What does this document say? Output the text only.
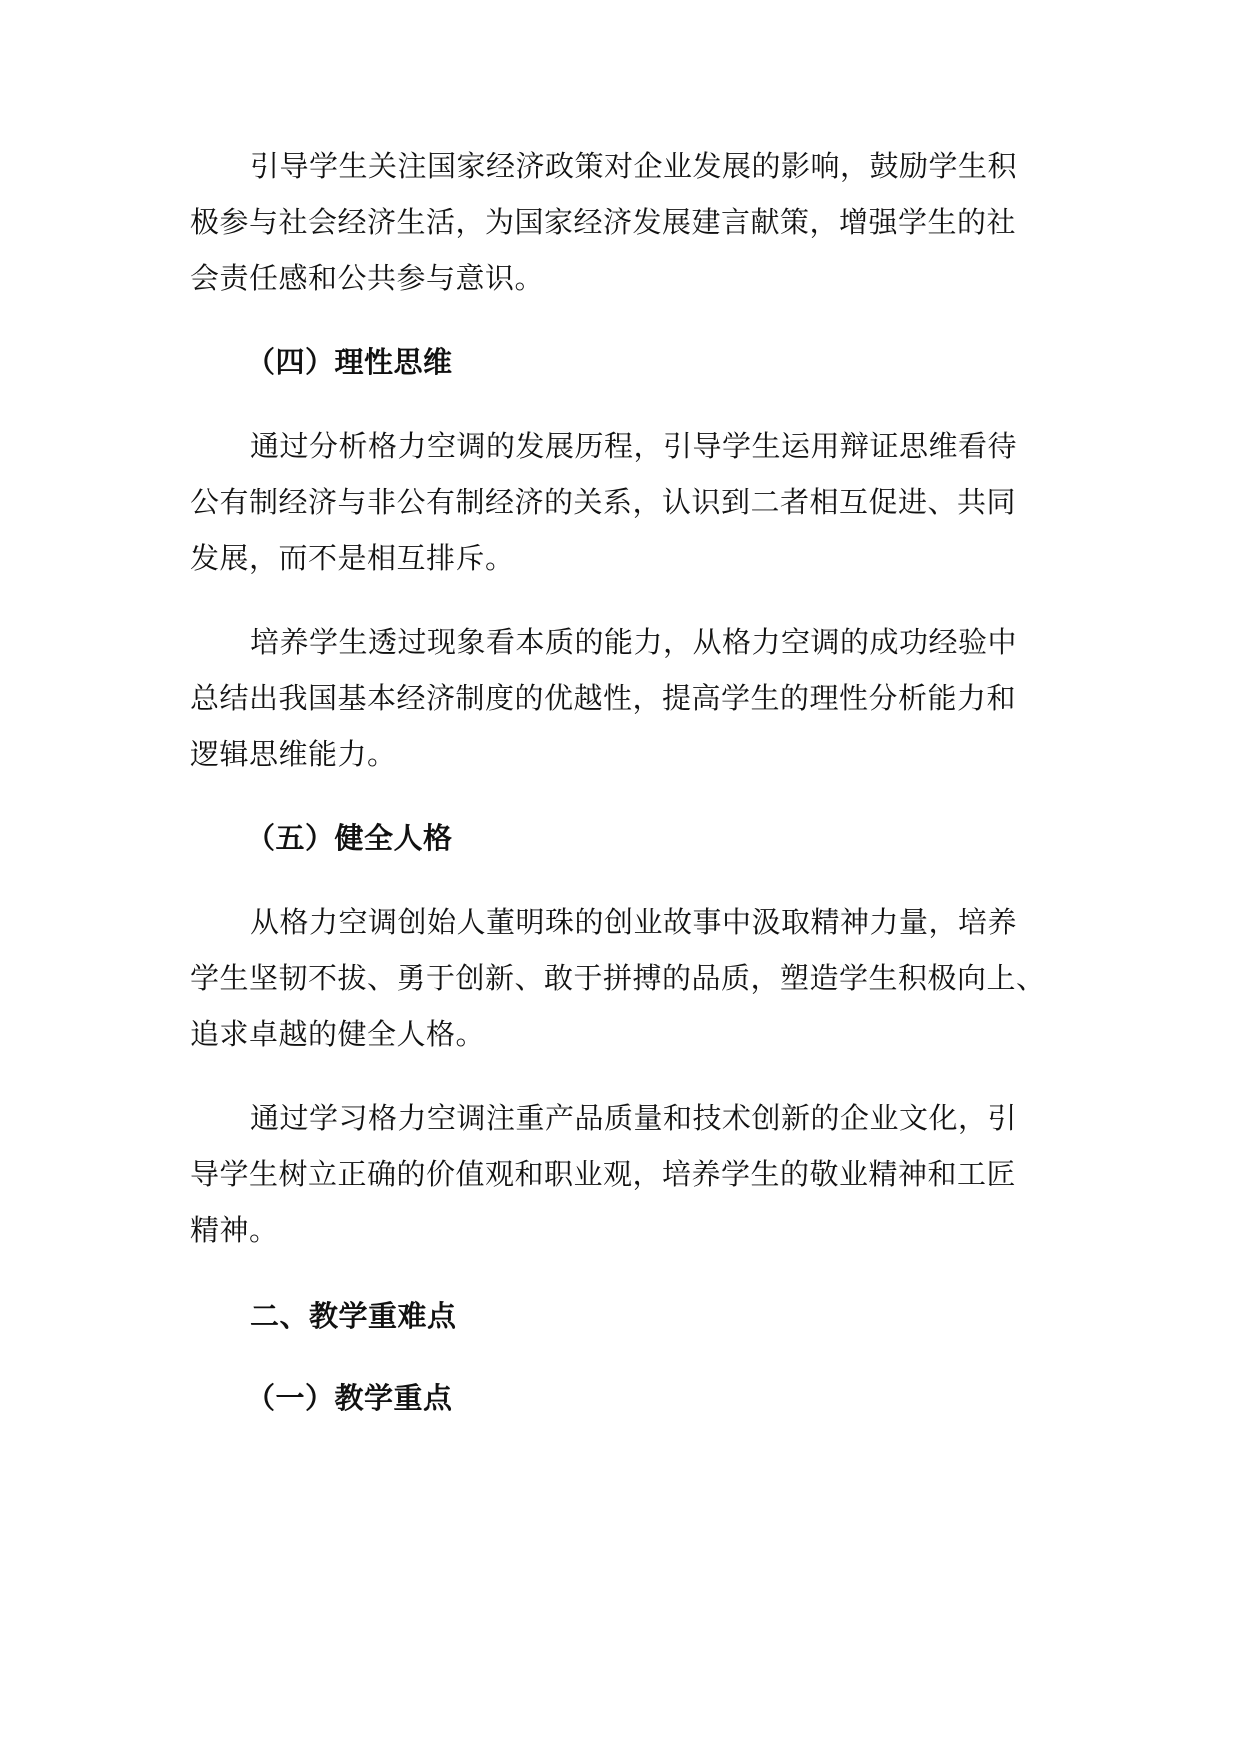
引导学生关注国家经济政策对企业发展的影响，鼓励学生积
极参与社会经济生活，为国家经济发展建言献策，增强学生的社
会责任感和公共参与意识。
（四）理性思维
通过分析格力空调的发展历程，引导学生运用辩证思维看待
公有制经济与非公有制经济的关系，认识到二者相互促进、共同
发展，而不是相互排斥。
培养学生透过现象看本质的能力，从格力空调的成功经验中
总结出我国基本经济制度的优越性，提高学生的理性分析能力和
逻辑思维能力。
（五）健全人格
从格力空调创始人董明珠的创业故事中汲取精神力量，培养
学生坚韧不拔、勇于创新、敢于拼搏的品质，塑造学生积极向上、
追求卓越的健全人格。
通过学习格力空调注重产品质量和技术创新的企业文化，引
导学生树立正确的价值观和职业观，培养学生的敬业精神和工匠
精神。
二、教学重难点
（一）教学重点
